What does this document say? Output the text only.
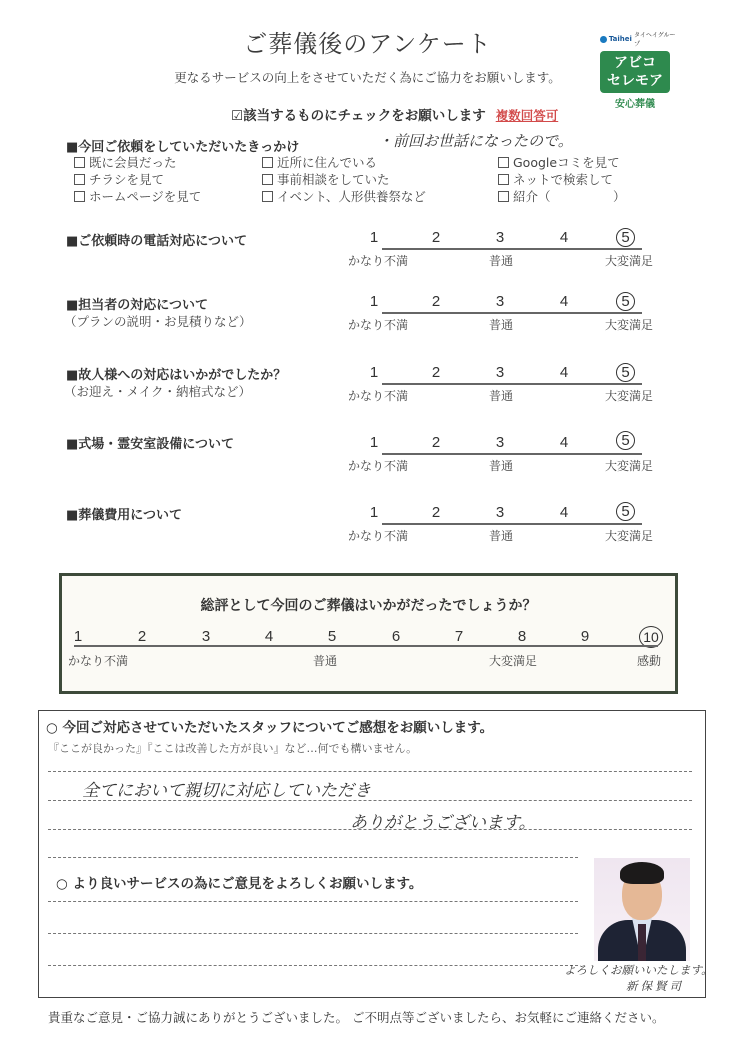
ご葬儀後のアンケート
更なるサービスの向上をさせていただく為にご協力をお願いします。
☑該当するものにチェックをお願いします 複数回答可
Taihei タイヘイグループ
アビコ
セレモア
安心葬儀
■今回ご依頼をしていただいたきっかけ	・前回お世話になったので。
既に会員だった
チラシを見て
ホームページを見て
近所に住んでいる
事前相談をしていた
イベント、人形供養祭など
Googleコミを見て
ネットで検索して
紹介（　　　　　）
■ご依頼時の電話対応について	1	2	3	4	5
かなり不満	普通	大変満足
■担当者の対応について
（プランの説明・お見積りなど）
1	2	3	4	5
かなり不満	普通	大変満足
■故人様への対応はいかがでしたか？
（お迎え・メイク・納棺式など）
1	2	3	4	5
かなり不満	普通	大変満足
■式場・霊安室設備について	1	2	3	4	5
かなり不満	普通	大変満足
■葬儀費用について	1	2	3	4	5
かなり不満	普通	大変満足
総評として今回のご葬儀はいかがだったでしょうか？
1	2	3	4	5	6	7	8	9	10
かなり不満	普通	大変満足	感動
○ 今回ご対応させていただいたスタッフについてご感想をお願いします。
『ここが良かった』『ここは改善した方が良い』など…何でも構いません。
全てにおいて親切に対応していただき
ありがとうございます。
○ より良いサービスの為にご意見をよろしくお願いします。
よろしくお願いいたします。
新保賢司
貴重なご意見・ご協力誠にありがとうございました。 ご不明点等ございましたら、お気軽にご連絡ください。
